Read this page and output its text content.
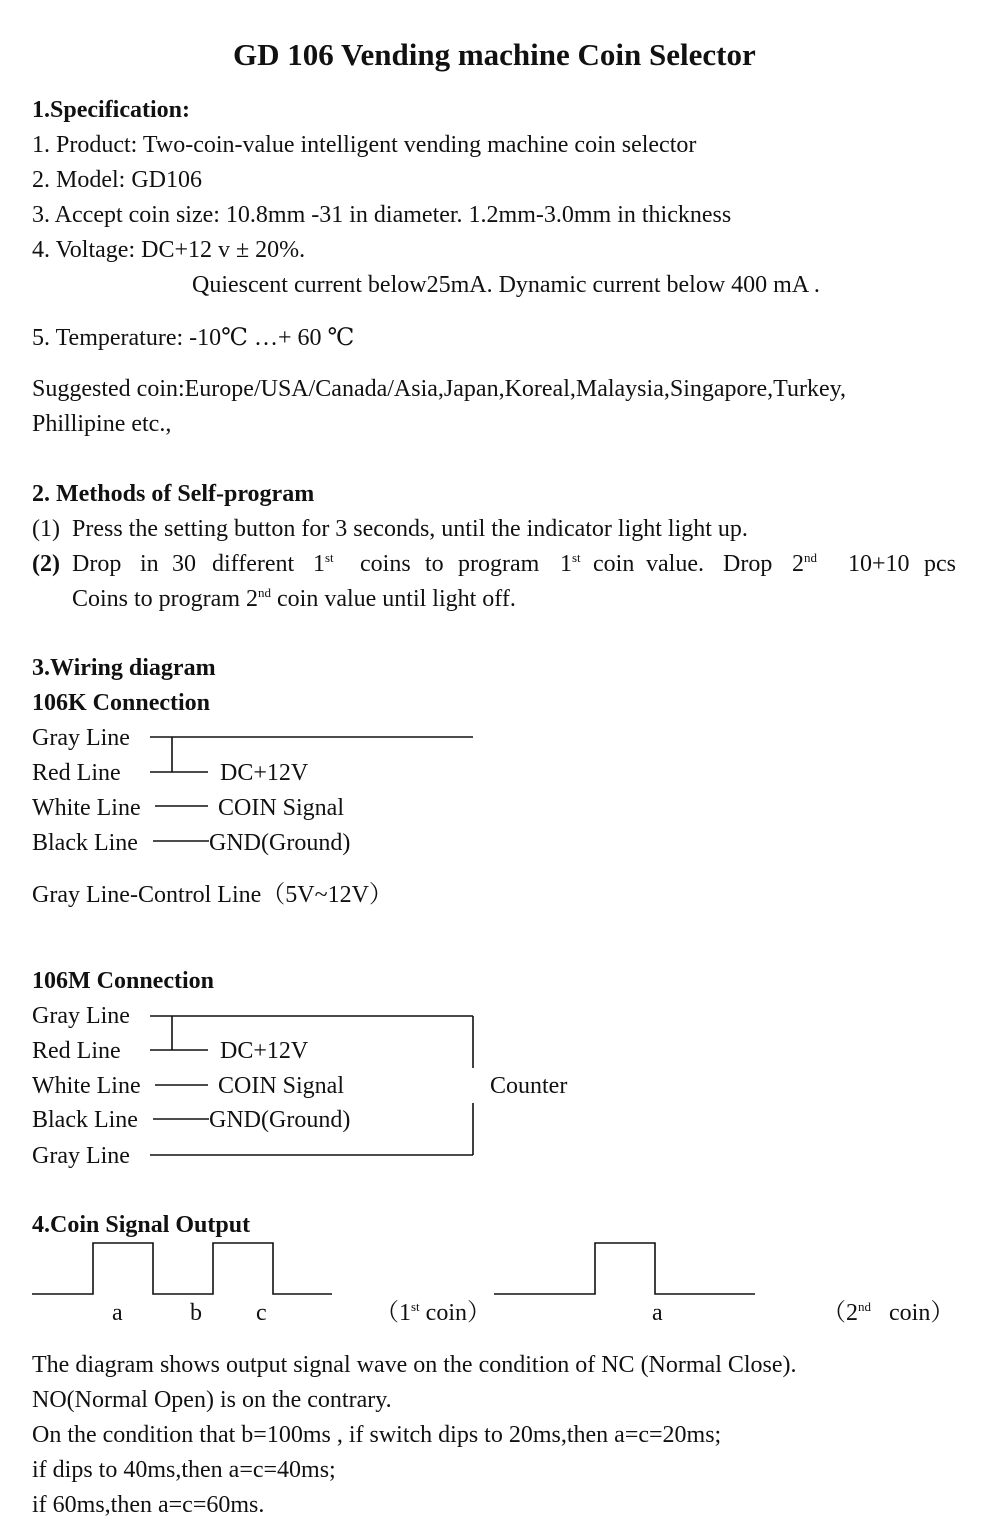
GD 106 Vending machine Coin Selector
1.Specification:
1. Product: Two-coin-value intelligent vending machine coin selector
2. Model: GD106
3. Accept coin size: 10.8mm -31 in diameter. 1.2mm-3.0mm in thickness
4. Voltage: DC+12 v ± 20%.
Quiescent current below25mA. Dynamic current below 400 mA .
5. Temperature: -10℃ …+ 60 ℃
Suggested coin:Europe/USA/Canada/Asia,Japan,Koreal,Malaysia,Singapore,Turkey,
Phillipine etc.,
2. Methods of Self-program
(1) Press the setting button for 3 seconds, until the indicator light light up.
(2) Drop in 30 different 1st coins to program 1st coin value. Drop 2nd 10+10 pcs
Coins to program 2nd coin value until light off.
3.Wiring diagram
106K Connection
Gray Line
Red Line	DC+12V
White Line	COIN Signal
Black Line	GND(Ground)
Gray Line-Control Line（5V~12V）
106M Connection
Gray Line
Red Line	DC+12V
White Line	COIN Signal	Counter
Black Line	GND(Ground)
Gray Line
4.Coin Signal Output
a	b c	（1st coin）	a	（2nd   coin）
The diagram shows output signal wave on the condition of NC (Normal Close).
NO(Normal Open) is on the contrary.
On the condition that b=100ms , if switch dips to 20ms,then a=c=20ms;
if dips to 40ms,then a=c=40ms;
if 60ms,then a=c=60ms.
